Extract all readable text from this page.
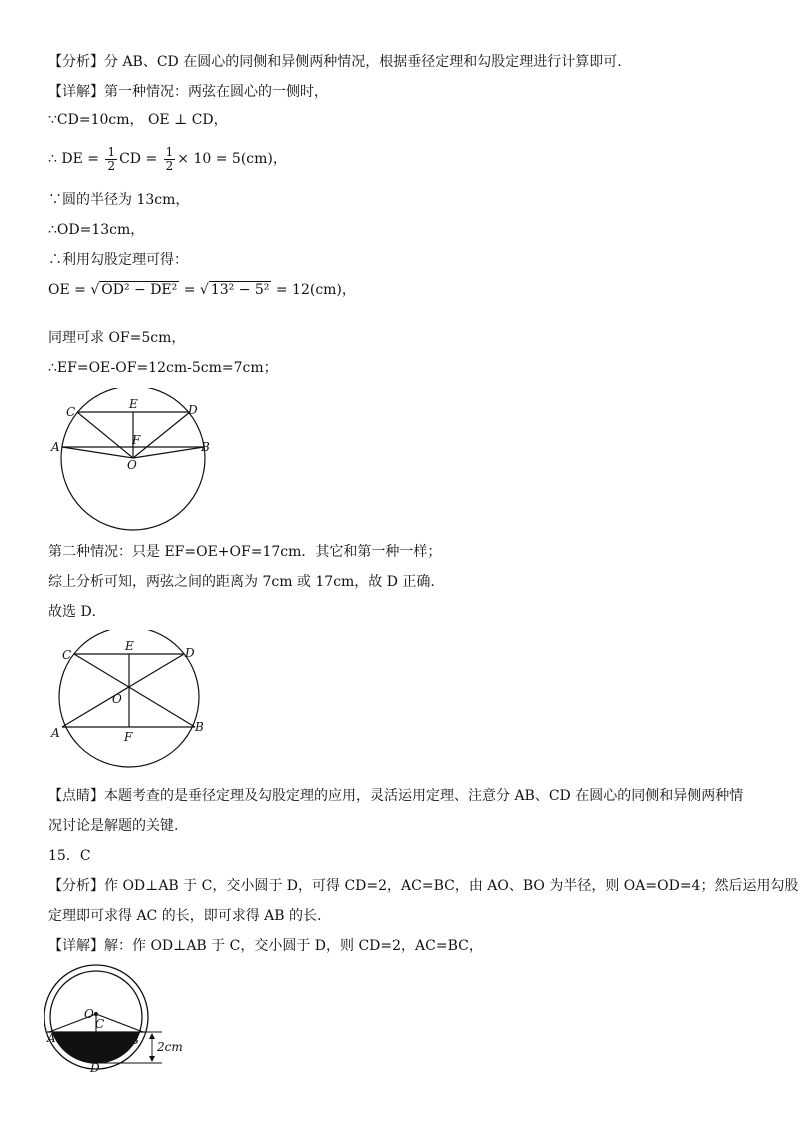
【分析】分 AB、CD 在圆心的同侧和异侧两种情况，根据垂径定理和勾股定理进行计算即可.
【详解】第一种情况：两弦在圆心的一侧时，
∵CD=10cm， OE ⊥ CD，
∴ DE = $\frac{1}{2}$ CD = $\frac{1}{2} \times 10 = 5(cm)$，
∵圆的半径为 13cm，
∴OD=13cm，
∴利用勾股定理可得：
OE = √ OD² − DE² = √ 13² − 5² = 12(cm)，
同理可求 OF=5cm，
∴EF=OE-OF=12cm-5cm=7cm；
C
E	D
A	F	B
O
第二种情况：只是 EF=OE+OF=17cm．其它和第一种一样；
综上分析可知，两弦之间的距离为 7cm 或 17cm，故 D 正确.
故选 D．
C
E	D
O
A	F
B
【点睛】本题考查的是垂径定理及勾股定理的应用，灵活运用定理、注意分 AB、CD 在圆心的同侧和异侧两种情
况讨论是解题的关键.
15．C
【分析】作 OD⊥AB 于 C，交小圆于 D，可得 CD=2，AC=BC，由 AO、BO 为半径，则 OA=OD=4；然后运用勾股
定理即可求得 AC 的长，即可求得 AB 的长.
【详解】解：作 OD⊥AB 于 C，交小圆于 D，则 CD=2，AC=BC，
O
C
A	B
D
2cm
